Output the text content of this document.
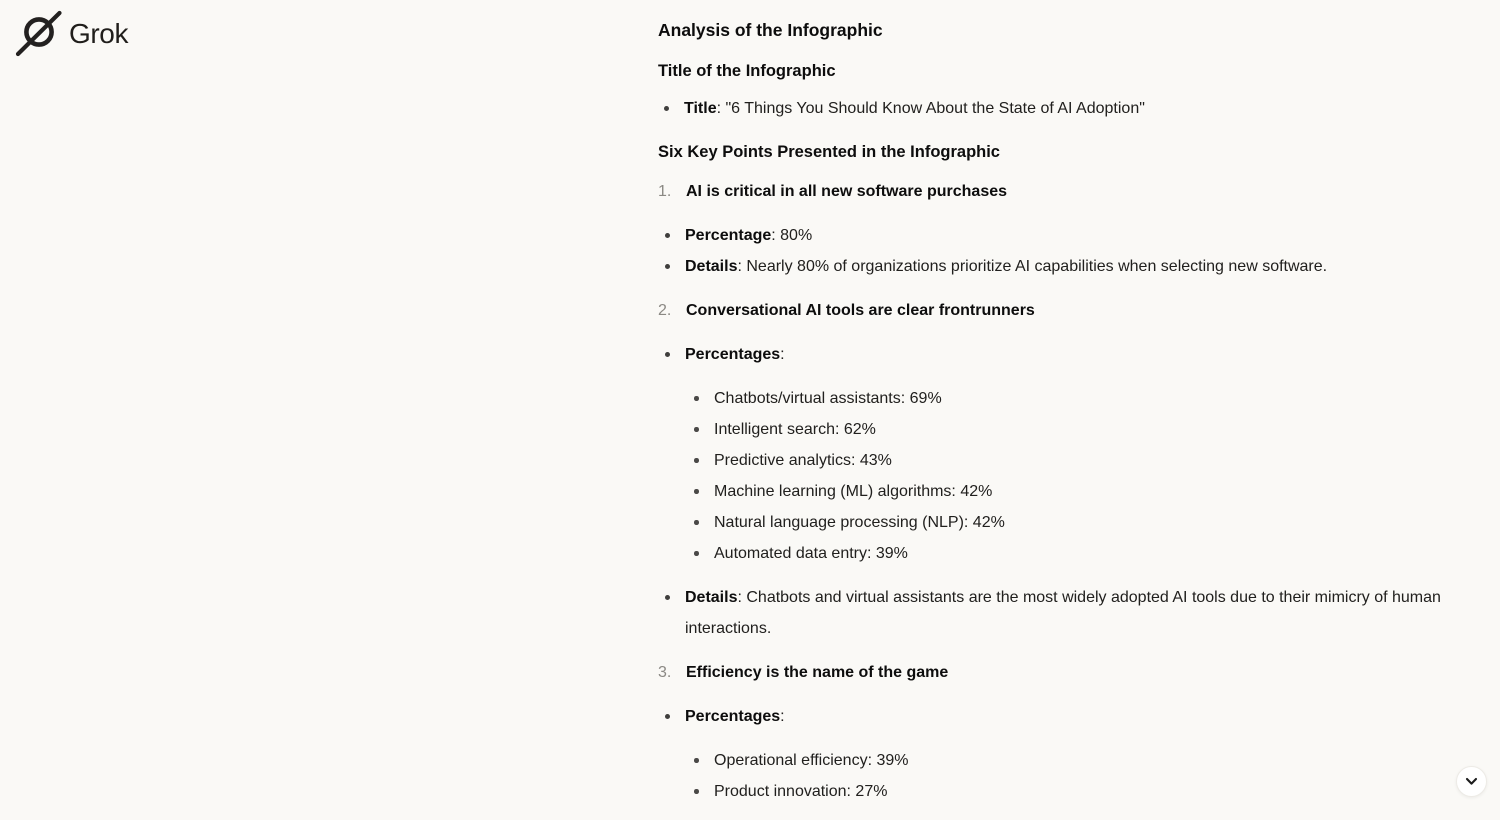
Grok	Analysis of the Infographic
Title of the Infographic
Title: "6 Things You Should Know About the State of AI Adoption"
Six Key Points Presented in the Infographic
1. AI is critical in all new software purchases
Percentage: 80%
Details: Nearly 80% of organizations prioritize AI capabilities when selecting new software.
2. Conversational AI tools are clear frontrunners
Percentages:
Chatbots/virtual assistants: 69%
Intelligent search: 62%
Predictive analytics: 43%
Machine learning (ML) algorithms: 42%
Natural language processing (NLP): 42%
Automated data entry: 39%
Details: Chatbots and virtual assistants are the most widely adopted AI tools due to their mimicry of human interactions.
3. Efficiency is the name of the game
Percentages:
Operational efficiency: 39%
Product innovation: 27%
